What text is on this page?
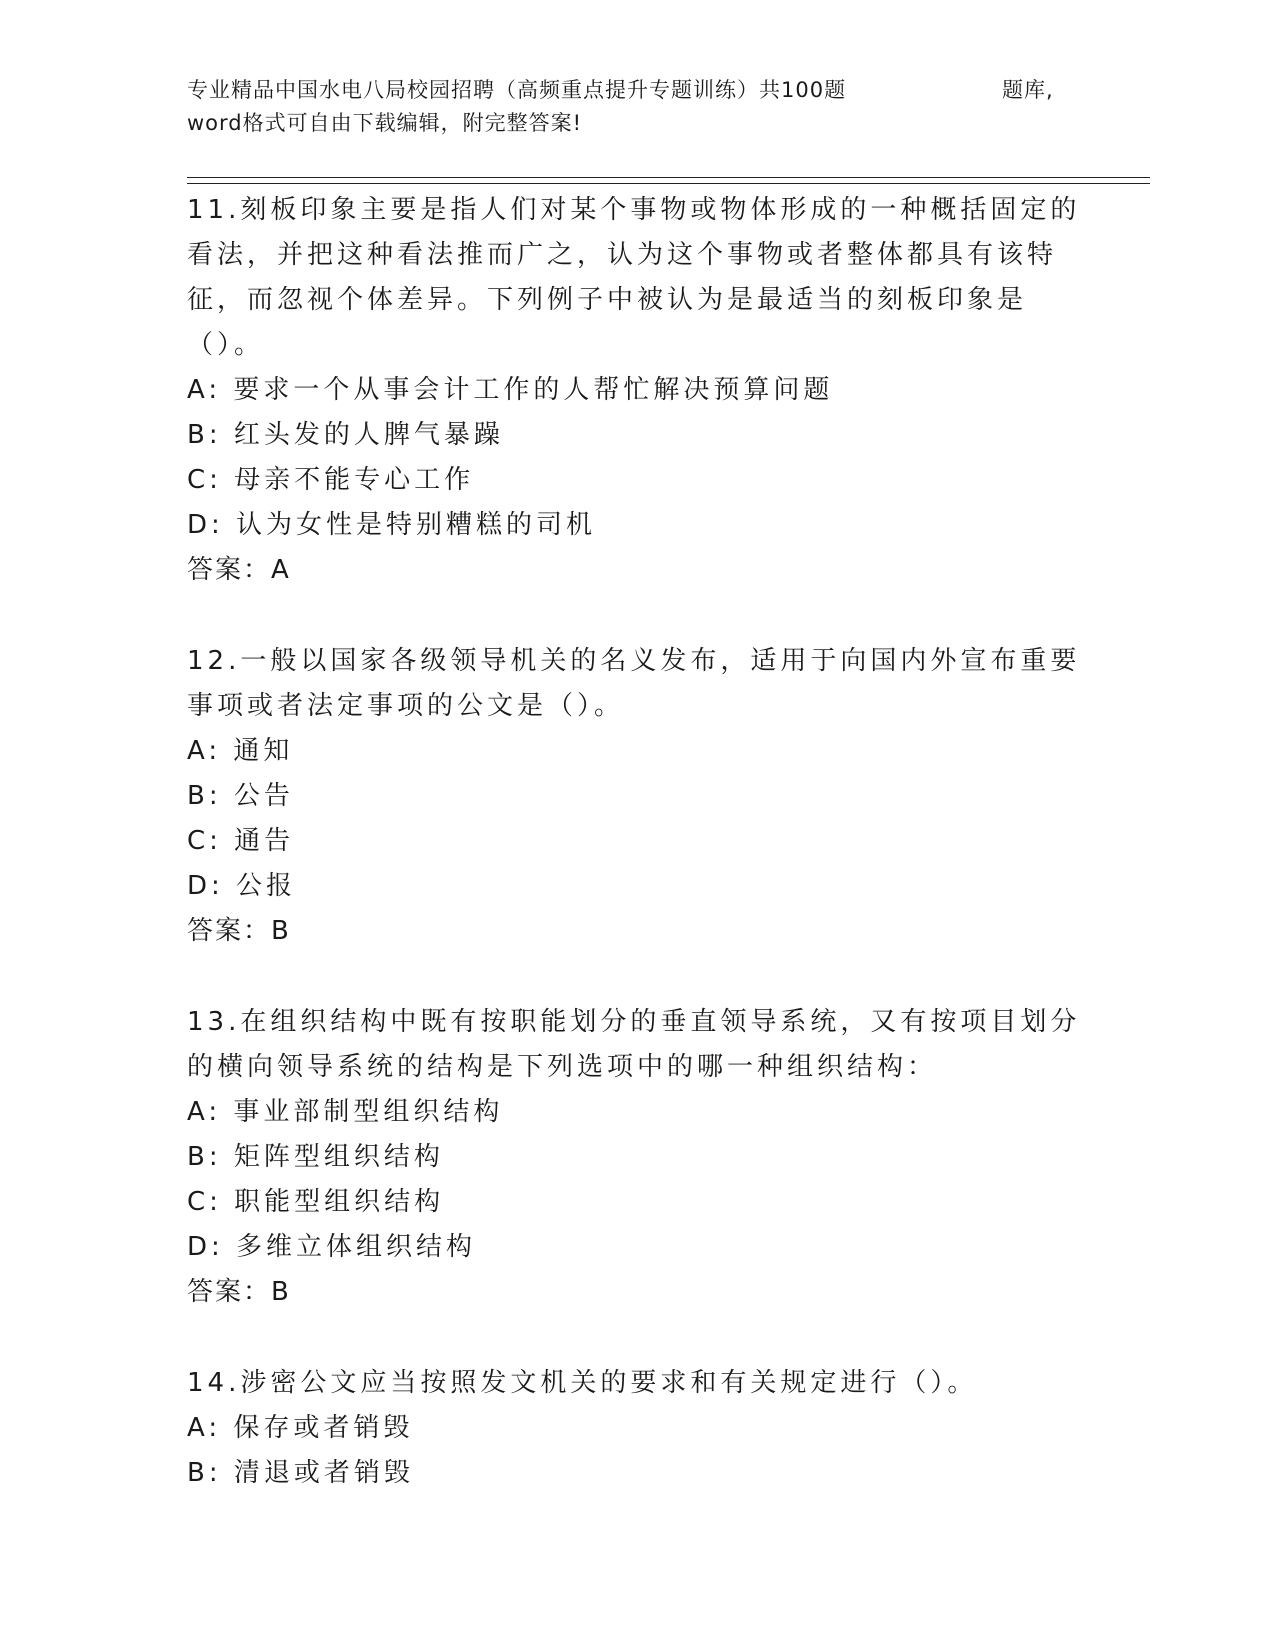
专业精品中国水电八局校园招聘（高频重点提升专题训练）共100题	题库,
word格式可自由下载编辑，附完整答案!
11.刻板印象主要是指人们对某个事物或物体形成的一种概括固定的看法，并把这种看法推而广之，认为这个事物或者整体都具有该特征，而忽视个体差异。下列例子中被认为是最适当的刻板印象是（）。
A: 要求一个从事会计工作的人帮忙解决预算问题
B: 红头发的人脾气暴躁
C: 母亲不能专心工作
D: 认为女性是特别糟糕的司机
答案：A
12.一般以国家各级领导机关的名义发布，适用于向国内外宣布重要事项或者法定事项的公文是（）。
A: 通知
B: 公告
C: 通告
D: 公报
答案：B
13.在组织结构中既有按职能划分的垂直领导系统，又有按项目划分的横向领导系统的结构是下列选项中的哪一种组织结构：
A: 事业部制型组织结构
B: 矩阵型组织结构
C: 职能型组织结构
D: 多维立体组织结构
答案：B
14.涉密公文应当按照发文机关的要求和有关规定进行（）。
A: 保存或者销毁
B: 清退或者销毁
